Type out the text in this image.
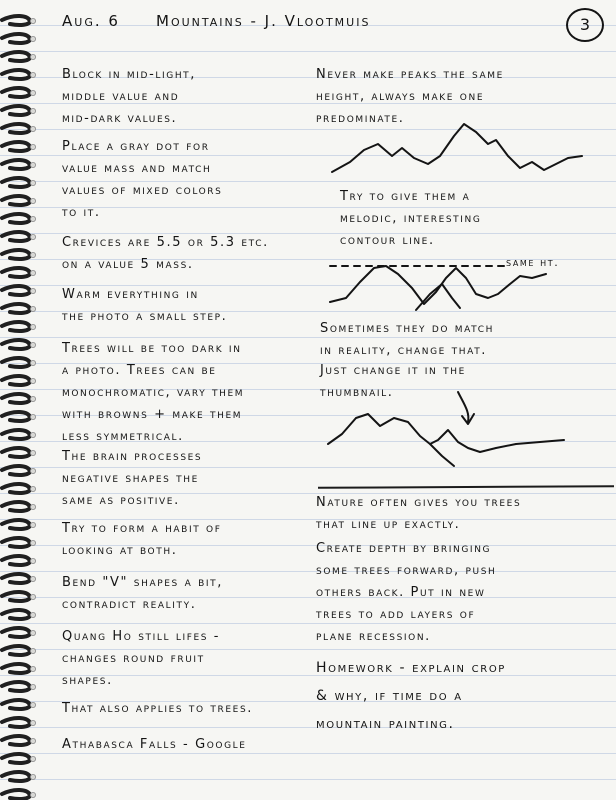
Aug. 6 Mountains - J. Vlootmuis	3

Block in mid-light,
middle value and
mid-dark values.

Place a gray dot for
value mass and match
values of mixed colors
to it.

Crevices are 5.5 or 5.3 etc.
on a value 5 mass.

Warm everything in
the photo a small step.

Trees will be too dark in
a photo. Trees can be
monochromatic, vary them
with browns + make them
less symmetrical.

The brain processes
negative shapes the
same as positive.

Try to form a habit of
looking at both.

Bend "V" shapes a bit,
contradict reality.

Quang Ho still lifes -
changes round fruit
shapes.

That also applies to trees.

Athabasca Falls - Google

Never make peaks the same
height, always make one
predominate.

Try to give them a
melodic, interesting
contour line.

same ht.

Sometimes they do match
in reality, change that.

Just change it in the
thumbnail.

Nature often gives you trees
that line up exactly.

Create depth by bringing
some trees forward, push
others back. Put in new
trees to add layers of
plane recession.

Homework - explain crop
& why, if time do a
mountain painting.
